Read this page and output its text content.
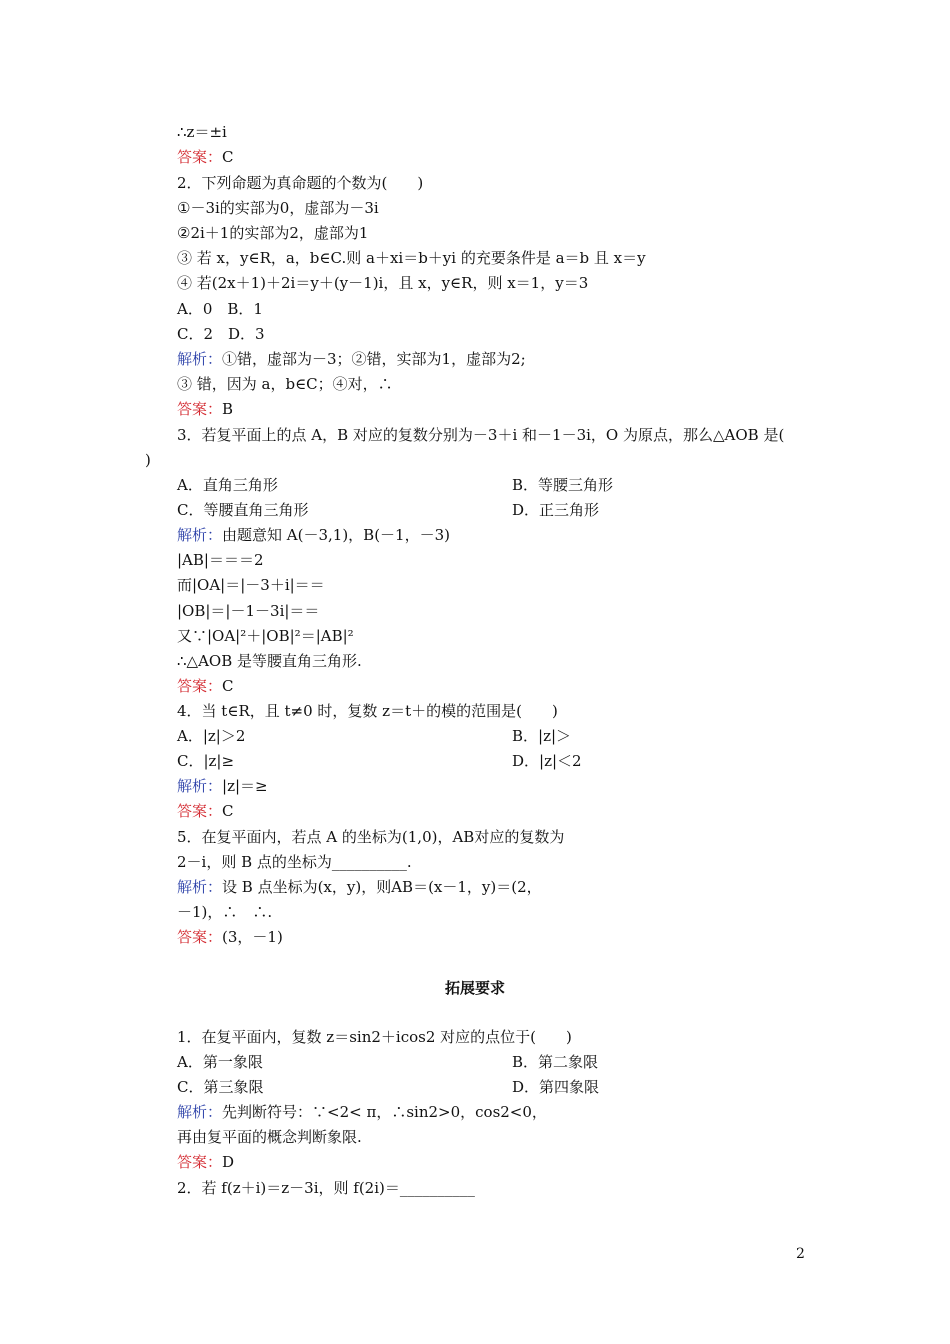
∴z＝±i
答案：C
2．下列命题为真命题的个数为(　　)
①－3i的实部为0，虚部为－3i
②2i＋1的实部为2，虚部为1
③ 若 x，y∈R，a，b∈C.则 a＋xi＝b＋yi 的充要条件是 a＝b 且 x＝y
④ 若(2x＋1)＋2i＝y＋(y－1)i，且 x，y∈R，则 x＝1，y＝3
A．0　B．1
C．2　D．3
解析：①错，虚部为－3；②错，实部为1，虚部为2;
③ 错，因为 a，b∈C；④对，∴
答案：B
3．若复平面上的点 A，B 对应的复数分别为－3＋i 和－1－3i，O 为原点，那么△AOB 是(
)
A．直角三角形	B．等腰三角形
C．等腰直角三角形	D．正三角形
解析：由题意知 A(－3,1)，B(－1，－3)
|AB|＝＝＝2
而|OA|＝|－3＋i|＝＝
|OB|＝|－1－3i|＝＝
又∵|OA|²＋|OB|²＝|AB|²
∴△AOB 是等腰直角三角形.
答案：C
4．当 t∈R，且 t≠0 时，复数 z＝t＋的模的范围是(　　)
A．|z|＞2	B．|z|＞
C．|z|≥	D．|z|＜2
解析：|z|＝≥
答案：C
5．在复平面内，若点 A 的坐标为(1,0)，AB对应的复数为
2－i，则 B 点的坐标为__________.
解析：设 B 点坐标为(x，y)，则AB＝(x－1，y)＝(2，
－1)，∴　∴.
答案：(3，－1)
拓展要求
1．在复平面内，复数 z＝sin2＋icos2 对应的点位于(　　)
A．第一象限	B．第二象限
C．第三象限	D．第四象限
解析：先判断符号：∵<2< π，∴sin2>0，cos2<0，
再由复平面的概念判断象限.
答案：D
2．若 f(z＋i)＝z－3i，则 f(2i)＝__________
2
